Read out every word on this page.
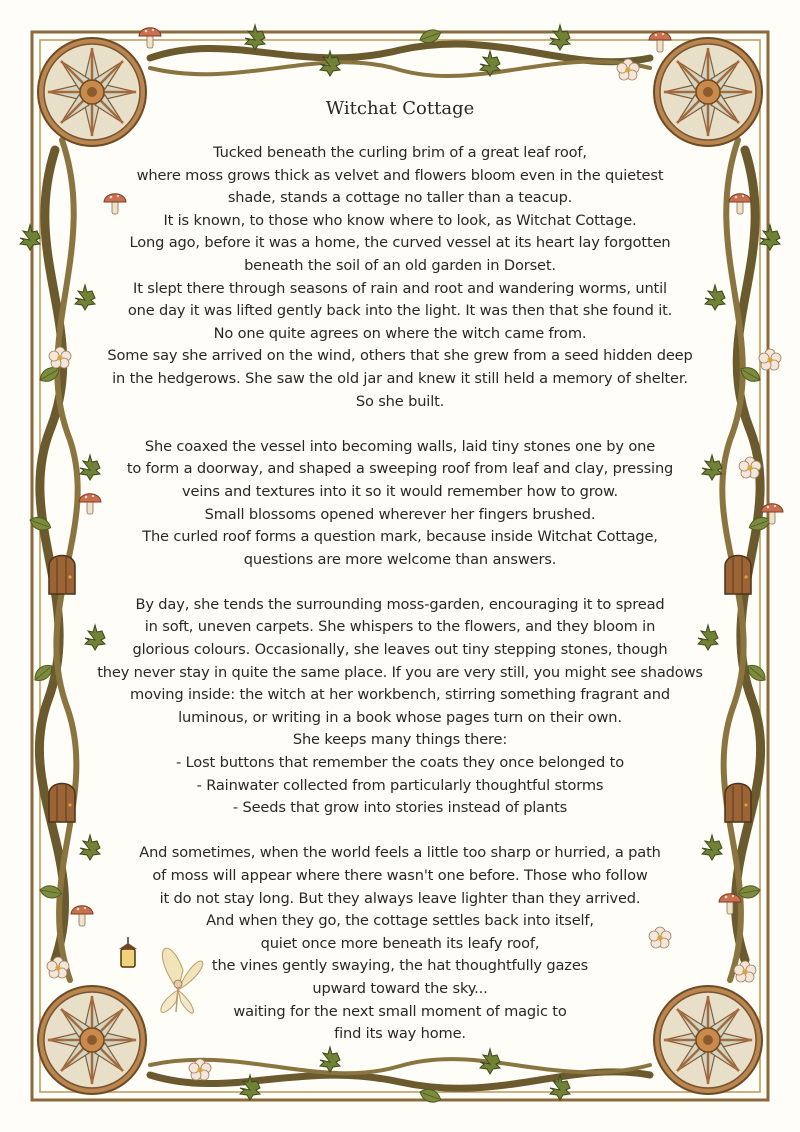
Witchat Cottage
Tucked beneath the curling brim of a great leaf roof,
where moss grows thick as velvet and flowers bloom even in the quietest
shade, stands a cottage no taller than a teacup.
It is known, to those who know where to look, as Witchat Cottage.
Long ago, before it was a home, the curved vessel at its heart lay forgotten
beneath the soil of an old garden in Dorset.
It slept there through seasons of rain and root and wandering worms, until
one day it was lifted gently back into the light. It was then that she found it.
No one quite agrees on where the witch came from.
Some say she arrived on the wind, others that she grew from a seed hidden deep
in the hedgerows. She saw the old jar and knew it still held a memory of shelter.
So she built.
She coaxed the vessel into becoming walls, laid tiny stones one by one
to form a doorway, and shaped a sweeping roof from leaf and clay, pressing
veins and textures into it so it would remember how to grow.
Small blossoms opened wherever her fingers brushed.
The curled roof forms a question mark, because inside Witchat Cottage,
questions are more welcome than answers.
By day, she tends the surrounding moss-garden, encouraging it to spread
in soft, uneven carpets. She whispers to the flowers, and they bloom in
glorious colours. Occasionally, she leaves out tiny stepping stones, though
they never stay in quite the same place. If you are very still, you might see shadows
moving inside: the witch at her workbench, stirring something fragrant and
luminous, or writing in a book whose pages turn on their own.
She keeps many things there:
- Lost buttons that remember the coats they once belonged to
- Rainwater collected from particularly thoughtful storms
- Seeds that grow into stories instead of plants
And sometimes, when the world feels a little too sharp or hurried, a path
of moss will appear where there wasn't one before. Those who follow
it do not stay long. But they always leave lighter than they arrived.
And when they go, the cottage settles back into itself,
quiet once more beneath its leafy roof,
the vines gently swaying, the hat thoughtfully gazes
upward toward the sky...
waiting for the next small moment of magic to
find its way home.
